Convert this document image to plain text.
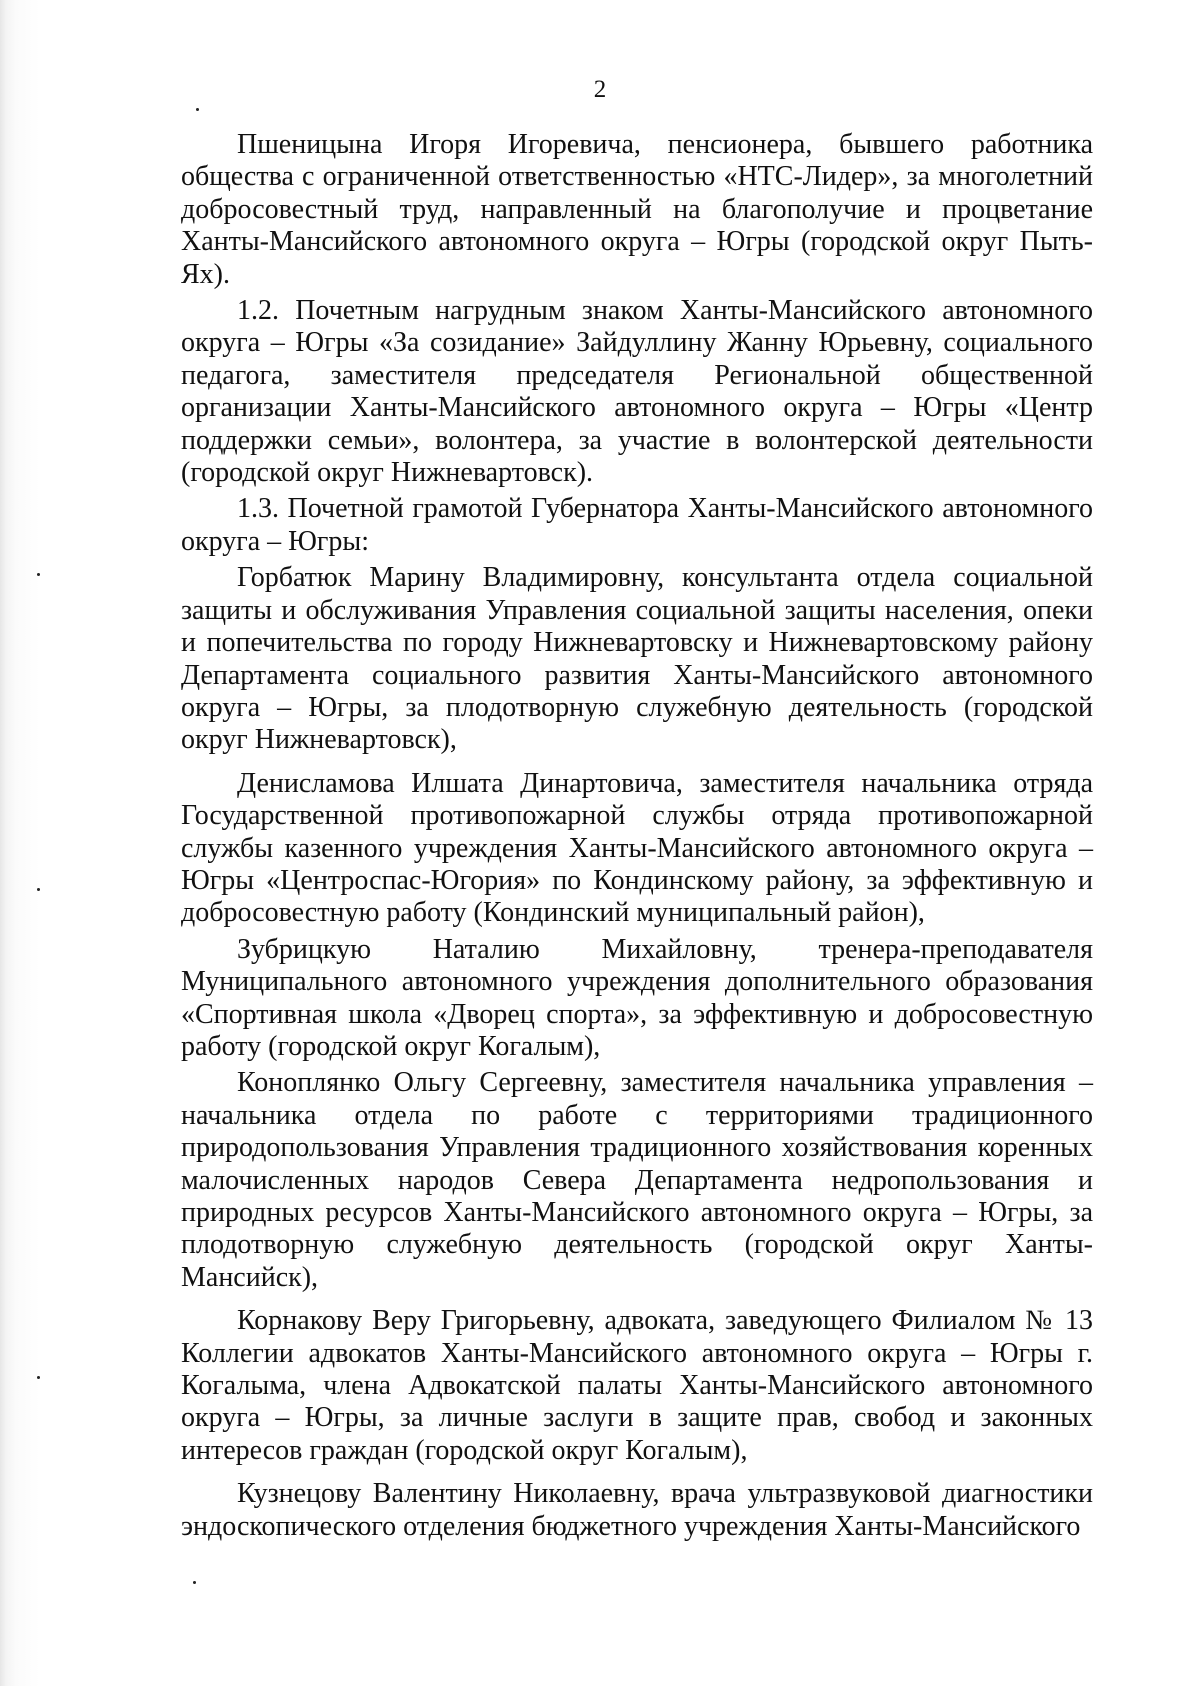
2

Пшеницына Игоря Игоревича, пенсионера, бывшего работника общества с ограниченной ответственностью «НТС-Лидер», за многолетний добросовестный труд, направленный на благополучие и процветание Ханты-Мансийского автономного округа – Югры (городской округ Пыть-Ях).

1.2. Почетным нагрудным знаком Ханты-Мансийского автономного округа – Югры «За созидание» Зайдуллину Жанну Юрьевну, социального педагога, заместителя председателя Региональной общественной организации Ханты-Мансийского автономного округа – Югры «Центр поддержки семьи», волонтера, за участие в волонтерской деятельности (городской округ Нижневартовск).

1.3. Почетной грамотой Губернатора Ханты-Мансийского автономного округа – Югры:

Горбатюк Марину Владимировну, консультанта отдела социальной защиты и обслуживания Управления социальной защиты населения, опеки и попечительства по городу Нижневартовску и Нижневартовскому району Департамента социального развития Ханты-Мансийского автономного округа – Югры, за плодотворную служебную деятельность (городской округ Нижневартовск),

Денисламова Илшата Динартовича, заместителя начальника отряда Государственной противопожарной службы отряда противопожарной службы казенного учреждения Ханты-Мансийского автономного округа – Югры «Центроспас-Югория» по Кондинскому району, за эффективную и добросовестную работу (Кондинский муниципальный район),

Зубрицкую Наталию Михайловну, тренера-преподавателя Муниципального автономного учреждения дополнительного образования «Спортивная школа «Дворец спорта», за эффективную и добросовестную работу (городской округ Когалым),

Коноплянко Ольгу Сергеевну, заместителя начальника управления – начальника отдела по работе с территориями традиционного природопользования Управления традиционного хозяйствования коренных малочисленных народов Севера Департамента недропользования и природных ресурсов Ханты-Мансийского автономного округа – Югры, за плодотворную служебную деятельность (городской округ Ханты-Мансийск),

Корнакову Веру Григорьевну, адвоката, заведующего Филиалом № 13 Коллегии адвокатов Ханты-Мансийского автономного округа – Югры г. Когалыма, члена Адвокатской палаты Ханты-Мансийского автономного округа – Югры, за личные заслуги в защите прав, свобод и законных интересов граждан (городской округ Когалым),

Кузнецову Валентину Николаевну, врача ультразвуковой диагностики эндоскопического отделения бюджетного учреждения Ханты-Мансийского
